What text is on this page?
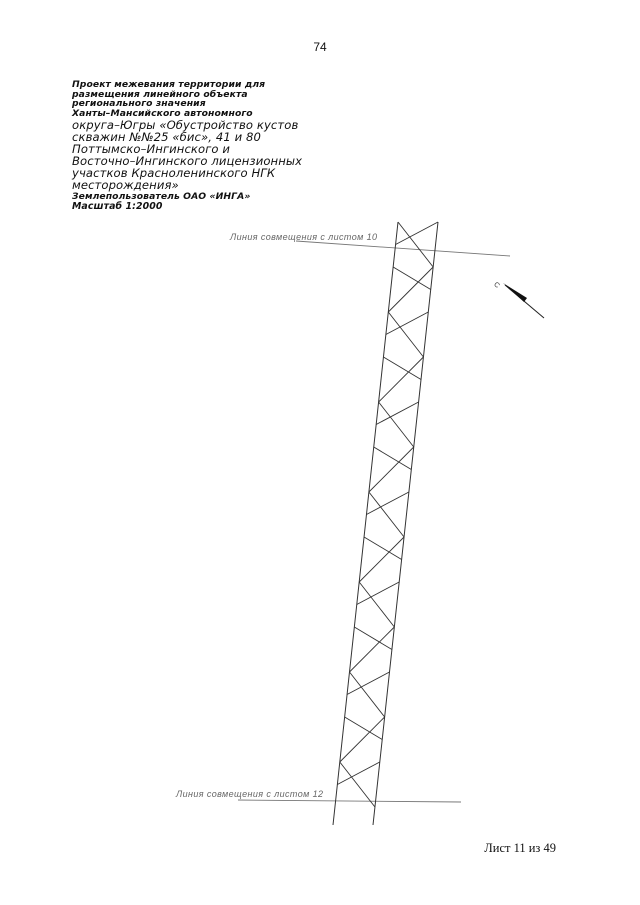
74
Проект межевания территории для
размещения линейного объекта
регионального значения
Ханты–Мансийского автономного
округа–Югры «Обустройство кустов
скважин №№25 «бис», 41 и 80
Поттымско–Ингинского и
Восточно–Ингинского лицензионных
участков Красноленинского НГК
месторождения»
Землепользователь ОАО «ИНГА»
Масштаб 1:2000
Линия совмещения с листом 10
Линия совмещения с листом 12
С
Лист 11 из 49
